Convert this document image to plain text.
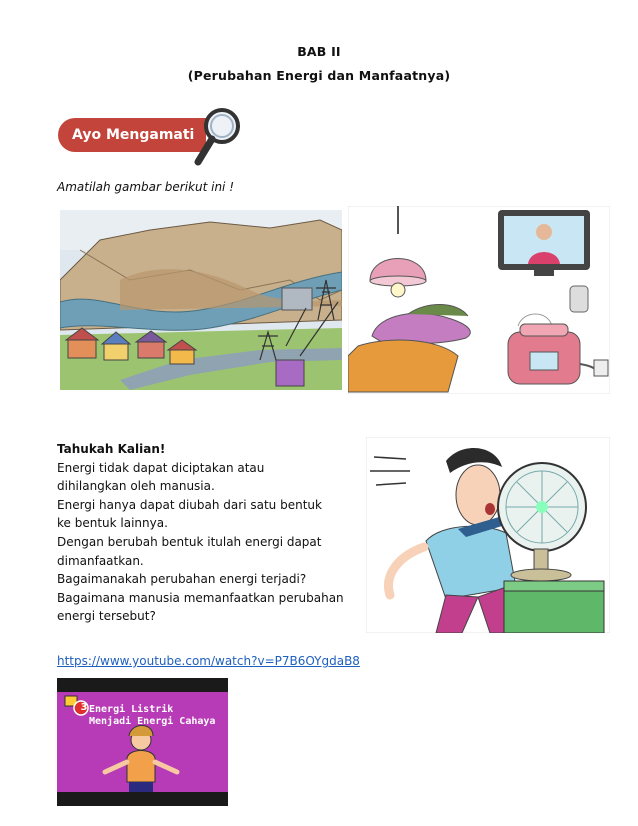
BAB II
(Perubahan Energi dan Manfaatnya)
Ayo Mengamati
Amatilah gambar berikut ini !
Tahukah Kalian!
Energi tidak dapat diciptakan atau
dihilangkan oleh manusia.
Energi hanya dapat diubah dari satu bentuk
ke bentuk lainnya.
Dengan berubah bentuk itulah energi dapat
dimanfaatkan.
Bagaimanakah perubahan energi terjadi?
Bagaimana manusia memanfaatkan perubahan
energi tersebut?
https://www.youtube.com/watch?v=P7B6OYgdaB8
3 Energi Listrik
Menjadi Energi Cahaya
